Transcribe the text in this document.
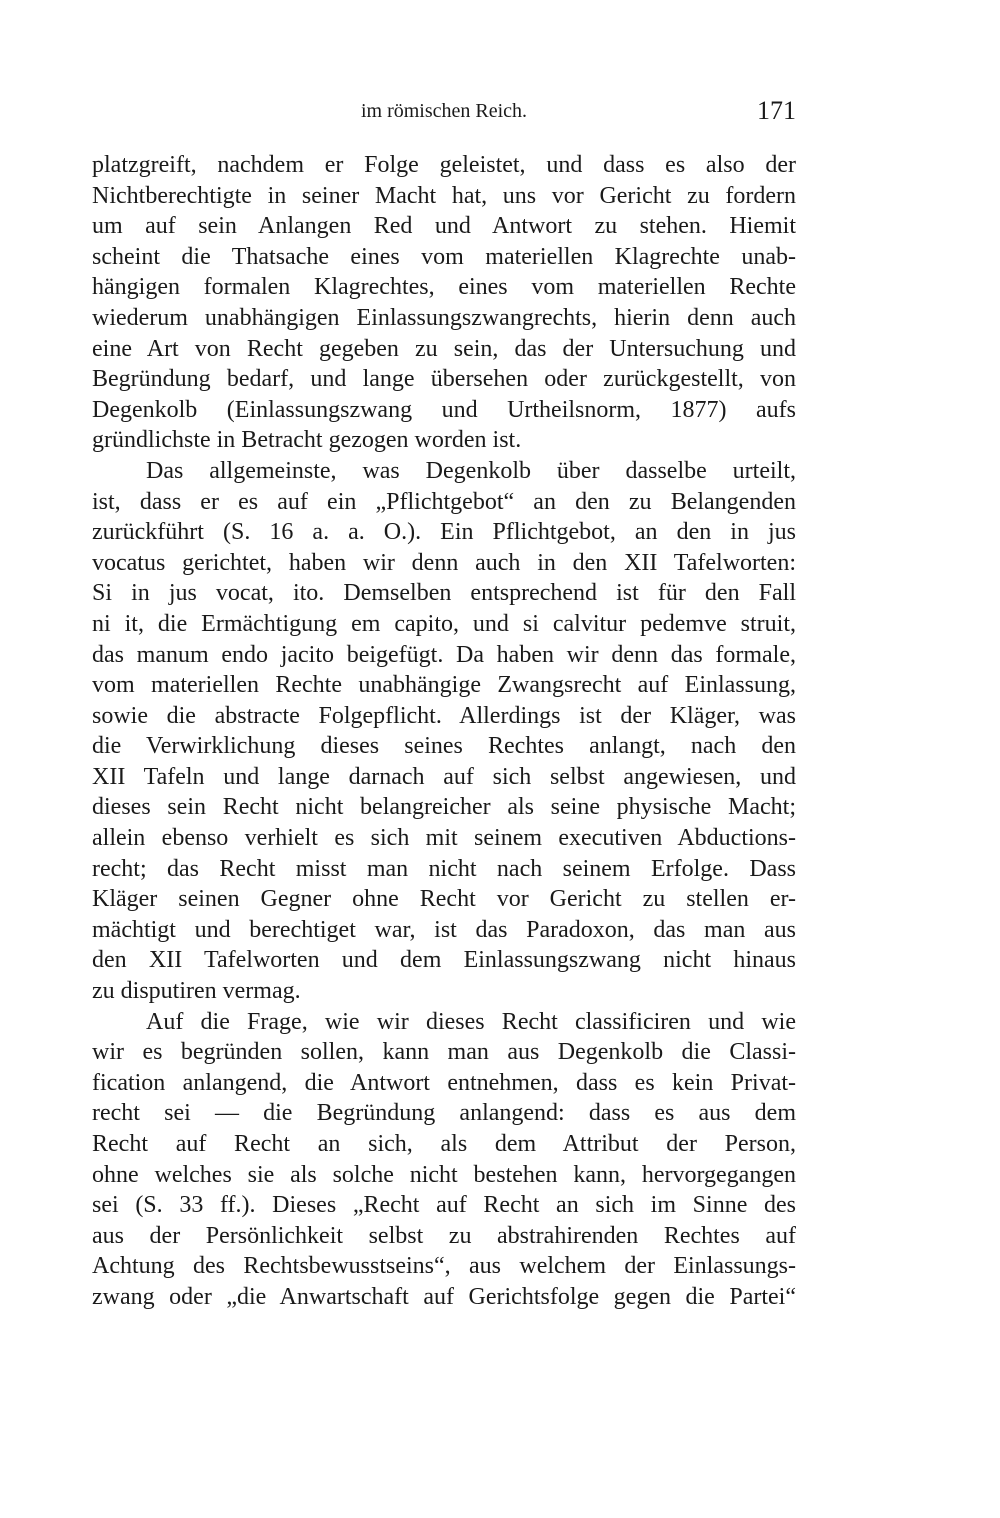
im römischen Reich.	171
platzgreift, nachdem er Folge geleistet, und dass es also der
Nichtberechtigte in seiner Macht hat, uns vor Gericht zu fordern
um auf sein Anlangen Red und Antwort zu stehen. Hiemit
scheint die Thatsache eines vom materiellen Klagrechte unab-
hängigen formalen Klagrechtes, eines vom materiellen Rechte
wiederum unabhängigen Einlassungszwangrechts, hierin denn auch
eine Art von Recht gegeben zu sein, das der Untersuchung und
Begründung bedarf, und lange übersehen oder zurückgestellt, von
Degenkolb (Einlassungszwang und Urtheilsnorm, 1877) aufs
gründlichste in Betracht gezogen worden ist.
Das allgemeinste, was Degenkolb über dasselbe urteilt,
ist, dass er es auf ein „Pflichtgebot“ an den zu Belangenden
zurückführt (S. 16 a. a. O.). Ein Pflichtgebot, an den in jus
vocatus gerichtet, haben wir denn auch in den XII Tafelworten:
Si in jus vocat, ito. Demselben entsprechend ist für den Fall
ni it, die Ermächtigung em capito, und si calvitur pedemve struit,
das manum endo jacito beigefügt. Da haben wir denn das formale,
vom materiellen Rechte unabhängige Zwangsrecht auf Einlassung,
sowie die abstracte Folgepflicht. Allerdings ist der Kläger, was
die Verwirklichung dieses seines Rechtes anlangt, nach den
XII Tafeln und lange darnach auf sich selbst angewiesen, und
dieses sein Recht nicht belangreicher als seine physische Macht;
allein ebenso verhielt es sich mit seinem executiven Abductions-
recht; das Recht misst man nicht nach seinem Erfolge. Dass
Kläger seinen Gegner ohne Recht vor Gericht zu stellen er-
mächtigt und berechtiget war, ist das Paradoxon, das man aus
den XII Tafelworten und dem Einlassungszwang nicht hinaus
zu disputiren vermag.
Auf die Frage, wie wir dieses Recht classificiren und wie
wir es begründen sollen, kann man aus Degenkolb die Classi-
fication anlangend, die Antwort entnehmen, dass es kein Privat-
recht sei — die Begründung anlangend: dass es aus dem
Recht auf Recht an sich, als dem Attribut der Person,
ohne welches sie als solche nicht bestehen kann, hervorgegangen
sei (S. 33 ff.). Dieses „Recht auf Recht an sich im Sinne des
aus der Persönlichkeit selbst zu abstrahirenden Rechtes auf
Achtung des Rechtsbewusstseins“, aus welchem der Einlassungs-
zwang oder „die Anwartschaft auf Gerichtsfolge gegen die Partei“
